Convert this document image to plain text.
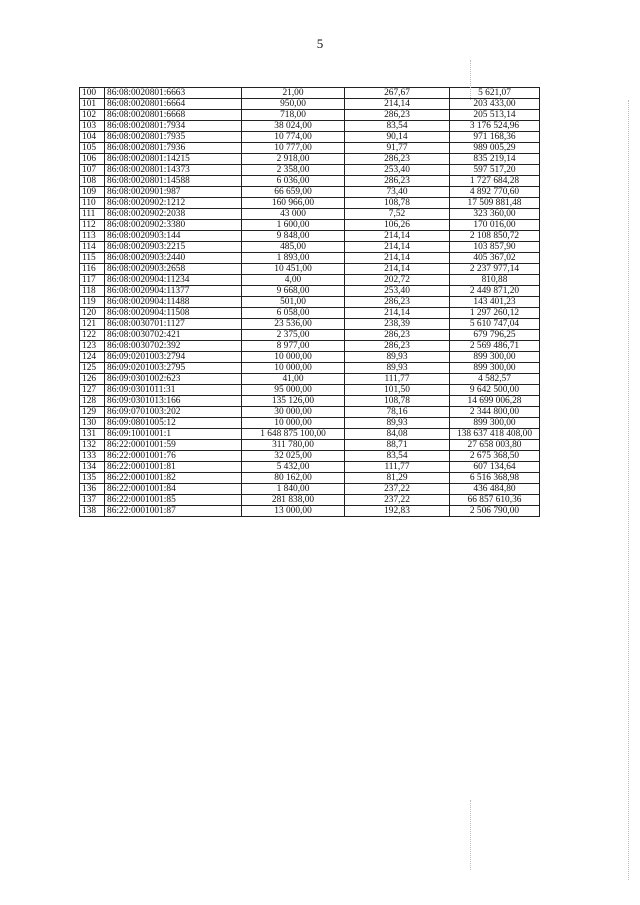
5
100	86:08:0020801:6663	21,00	267,67	5 621,07
101	86:08:0020801:6664	950,00	214,14	203 433,00
102	86:08:0020801:6668	718,00	286,23	205 513,14
103	86:08:0020801:7934	38 024,00	83,54	3 176 524,96
104	86:08:0020801:7935	10 774,00	90,14	971 168,36
105	86:08:0020801:7936	10 777,00	91,77	989 005,29
106	86:08:0020801:14215	2 918,00	286,23	835 219,14
107	86:08:0020801:14373	2 358,00	253,40	597 517,20
108	86:08:0020801:14588	6 036,00	286,23	1 727 684,28
109	86:08:0020901:987	66 659,00	73,40	4 892 770,60
110	86:08:0020902:1212	160 966,00	108,78	17 509 881,48
111	86:08:0020902:2038	43 000	7,52	323 360,00
112	86:08:0020902:3380	1 600,00	106,26	170 016,00
113	86:08:0020903:144	9 848,00	214,14	2 108 850,72
114	86:08:0020903:2215	485,00	214,14	103 857,90
115	86:08:0020903:2440	1 893,00	214,14	405 367,02
116	86:08:0020903:2658	10 451,00	214,14	2 237 977,14
117	86:08:0020904:11234	4,00	202,72	810,88
118	86:08:0020904:11377	9 668,00	253,40	2 449 871,20
119	86:08:0020904:11488	501,00	286,23	143 401,23
120	86:08:0020904:11508	6 058,00	214,14	1 297 260,12
121	86:08:0030701:1127	23 536,00	238,39	5 610 747,04
122	86:08:0030702:421	2 375,00	286,23	679 796,25
123	86:08:0030702:392	8 977,00	286,23	2 569 486,71
124	86:09:0201003:2794	10 000,00	89,93	899 300,00
125	86:09:0201003:2795	10 000,00	89,93	899 300,00
126	86:09:0301002:623	41,00	111,77	4 582,57
127	86:09:0301011:31	95 000,00	101,50	9 642 500,00
128	86:09:0301013:166	135 126,00	108,78	14 699 006,28
129	86:09:0701003:202	30 000,00	78,16	2 344 800,00
130	86:09:0801005:12	10 000,00	89,93	899 300,00
131	86:09:1001001:1	1 648 875 100,00	84,08	138 637 418 408,00
132	86:22:0001001:59	311 780,00	88,71	27 658 003,80
133	86:22:0001001:76	32 025,00	83,54	2 675 368,50
134	86:22:0001001:81	5 432,00	111,77	607 134,64
135	86:22:0001001:82	80 162,00	81,29	6 516 368,98
136	86:22:0001001:84	1 840,00	237,22	436 484,80
137	86:22:0001001:85	281 838,00	237,22	66 857 610,36
138	86:22:0001001:87	13 000,00	192,83	2 506 790,00
